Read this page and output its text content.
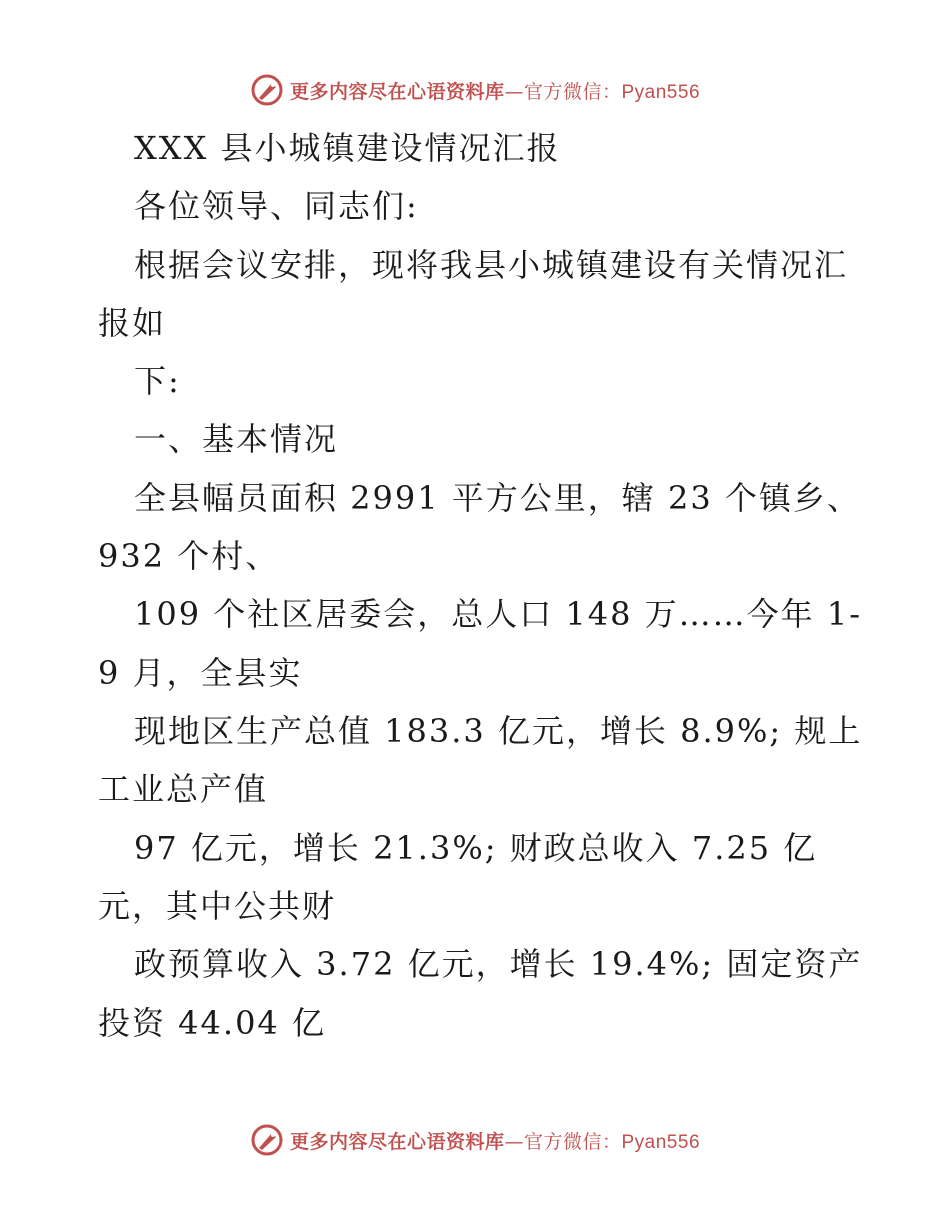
更多内容尽在心语资料库—官方微信：Pyan556
XXX 县小城镇建设情况汇报
各位领导、同志们:
根据会议安排，现将我县小城镇建设有关情况汇
报如
下:
一、基本情况
全县幅员面积 2991 平方公里，辖 23 个镇乡、
932 个村、
109 个社区居委会，总人口 148 万……今年 1-
9 月，全县实
现地区生产总值 183.3 亿元，增长 8.9%; 规上
工业总产值
97 亿元，增长 21.3%; 财政总收入 7.25 亿
元，其中公共财
政预算收入 3.72 亿元，增长 19.4%; 固定资产
投资 44.04 亿
更多内容尽在心语资料库—官方微信：Pyan556
